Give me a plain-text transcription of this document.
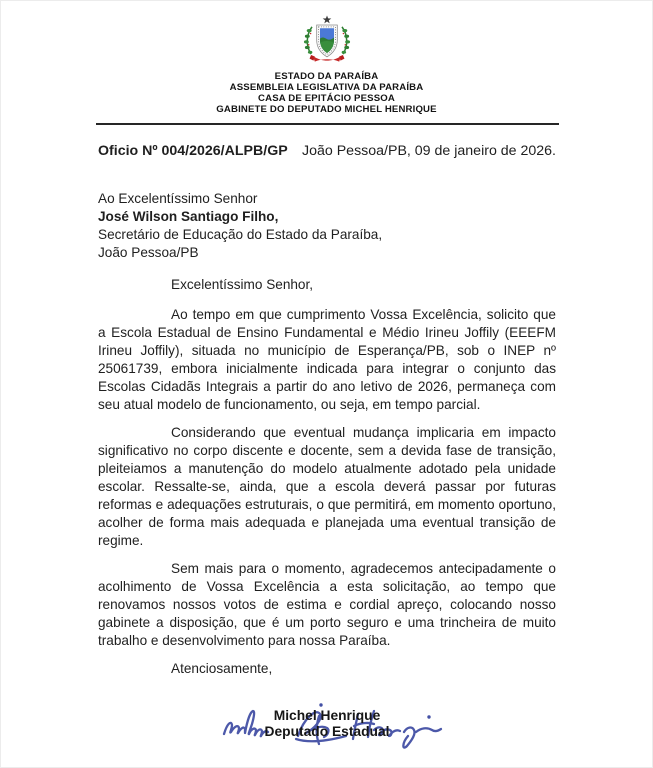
ESTADO DA PARAÍBA
ASSEMBLEIA LEGISLATIVA DA PARAÍBA
CASA DE EPITÁCIO PESSOA
GABINETE DO DEPUTADO MICHEL HENRIQUE
Oficio Nº 004/2026/ALPB/GP João Pessoa/PB, 09 de janeiro de 2026.
Ao Excelentíssimo Senhor
José Wilson Santiago Filho,
Secretário de Educação do Estado da Paraíba,
João Pessoa/PB
Excelentíssimo Senhor,

Ao tempo em que cumprimento Vossa Excelência, solicito que a Escola Estadual de Ensino Fundamental e Médio Irineu Joffily (EEEFM Irineu Joffily), situada no município de Esperança/PB, sob o INEP nº 25061739, embora inicialmente indicada para integrar o conjunto das Escolas Cidadãs Integrais a partir do ano letivo de 2026, permaneça com seu atual modelo de funcionamento, ou seja, em tempo parcial.

Considerando que eventual mudança implicaria em impacto significativo no corpo discente e docente, sem a devida fase de transição, pleiteiamos a manutenção do modelo atualmente adotado pela unidade escolar. Ressalte-se, ainda, que a escola deverá passar por futuras reformas e adequações estruturais, o que permitirá, em momento oportuno, acolher de forma mais adequada e planejada uma eventual transição de regime.

Sem mais para o momento, agradecemos antecipadamente o acolhimento de Vossa Excelência a esta solicitação, ao tempo que renovamos nossos votos de estima e cordial apreço, colocando nosso gabinete a disposição, que é um porto seguro e uma trincheira de muito trabalho e desenvolvimento para nossa Paraíba.

Atenciosamente,
Michel Henrique
Deputado Estadual
